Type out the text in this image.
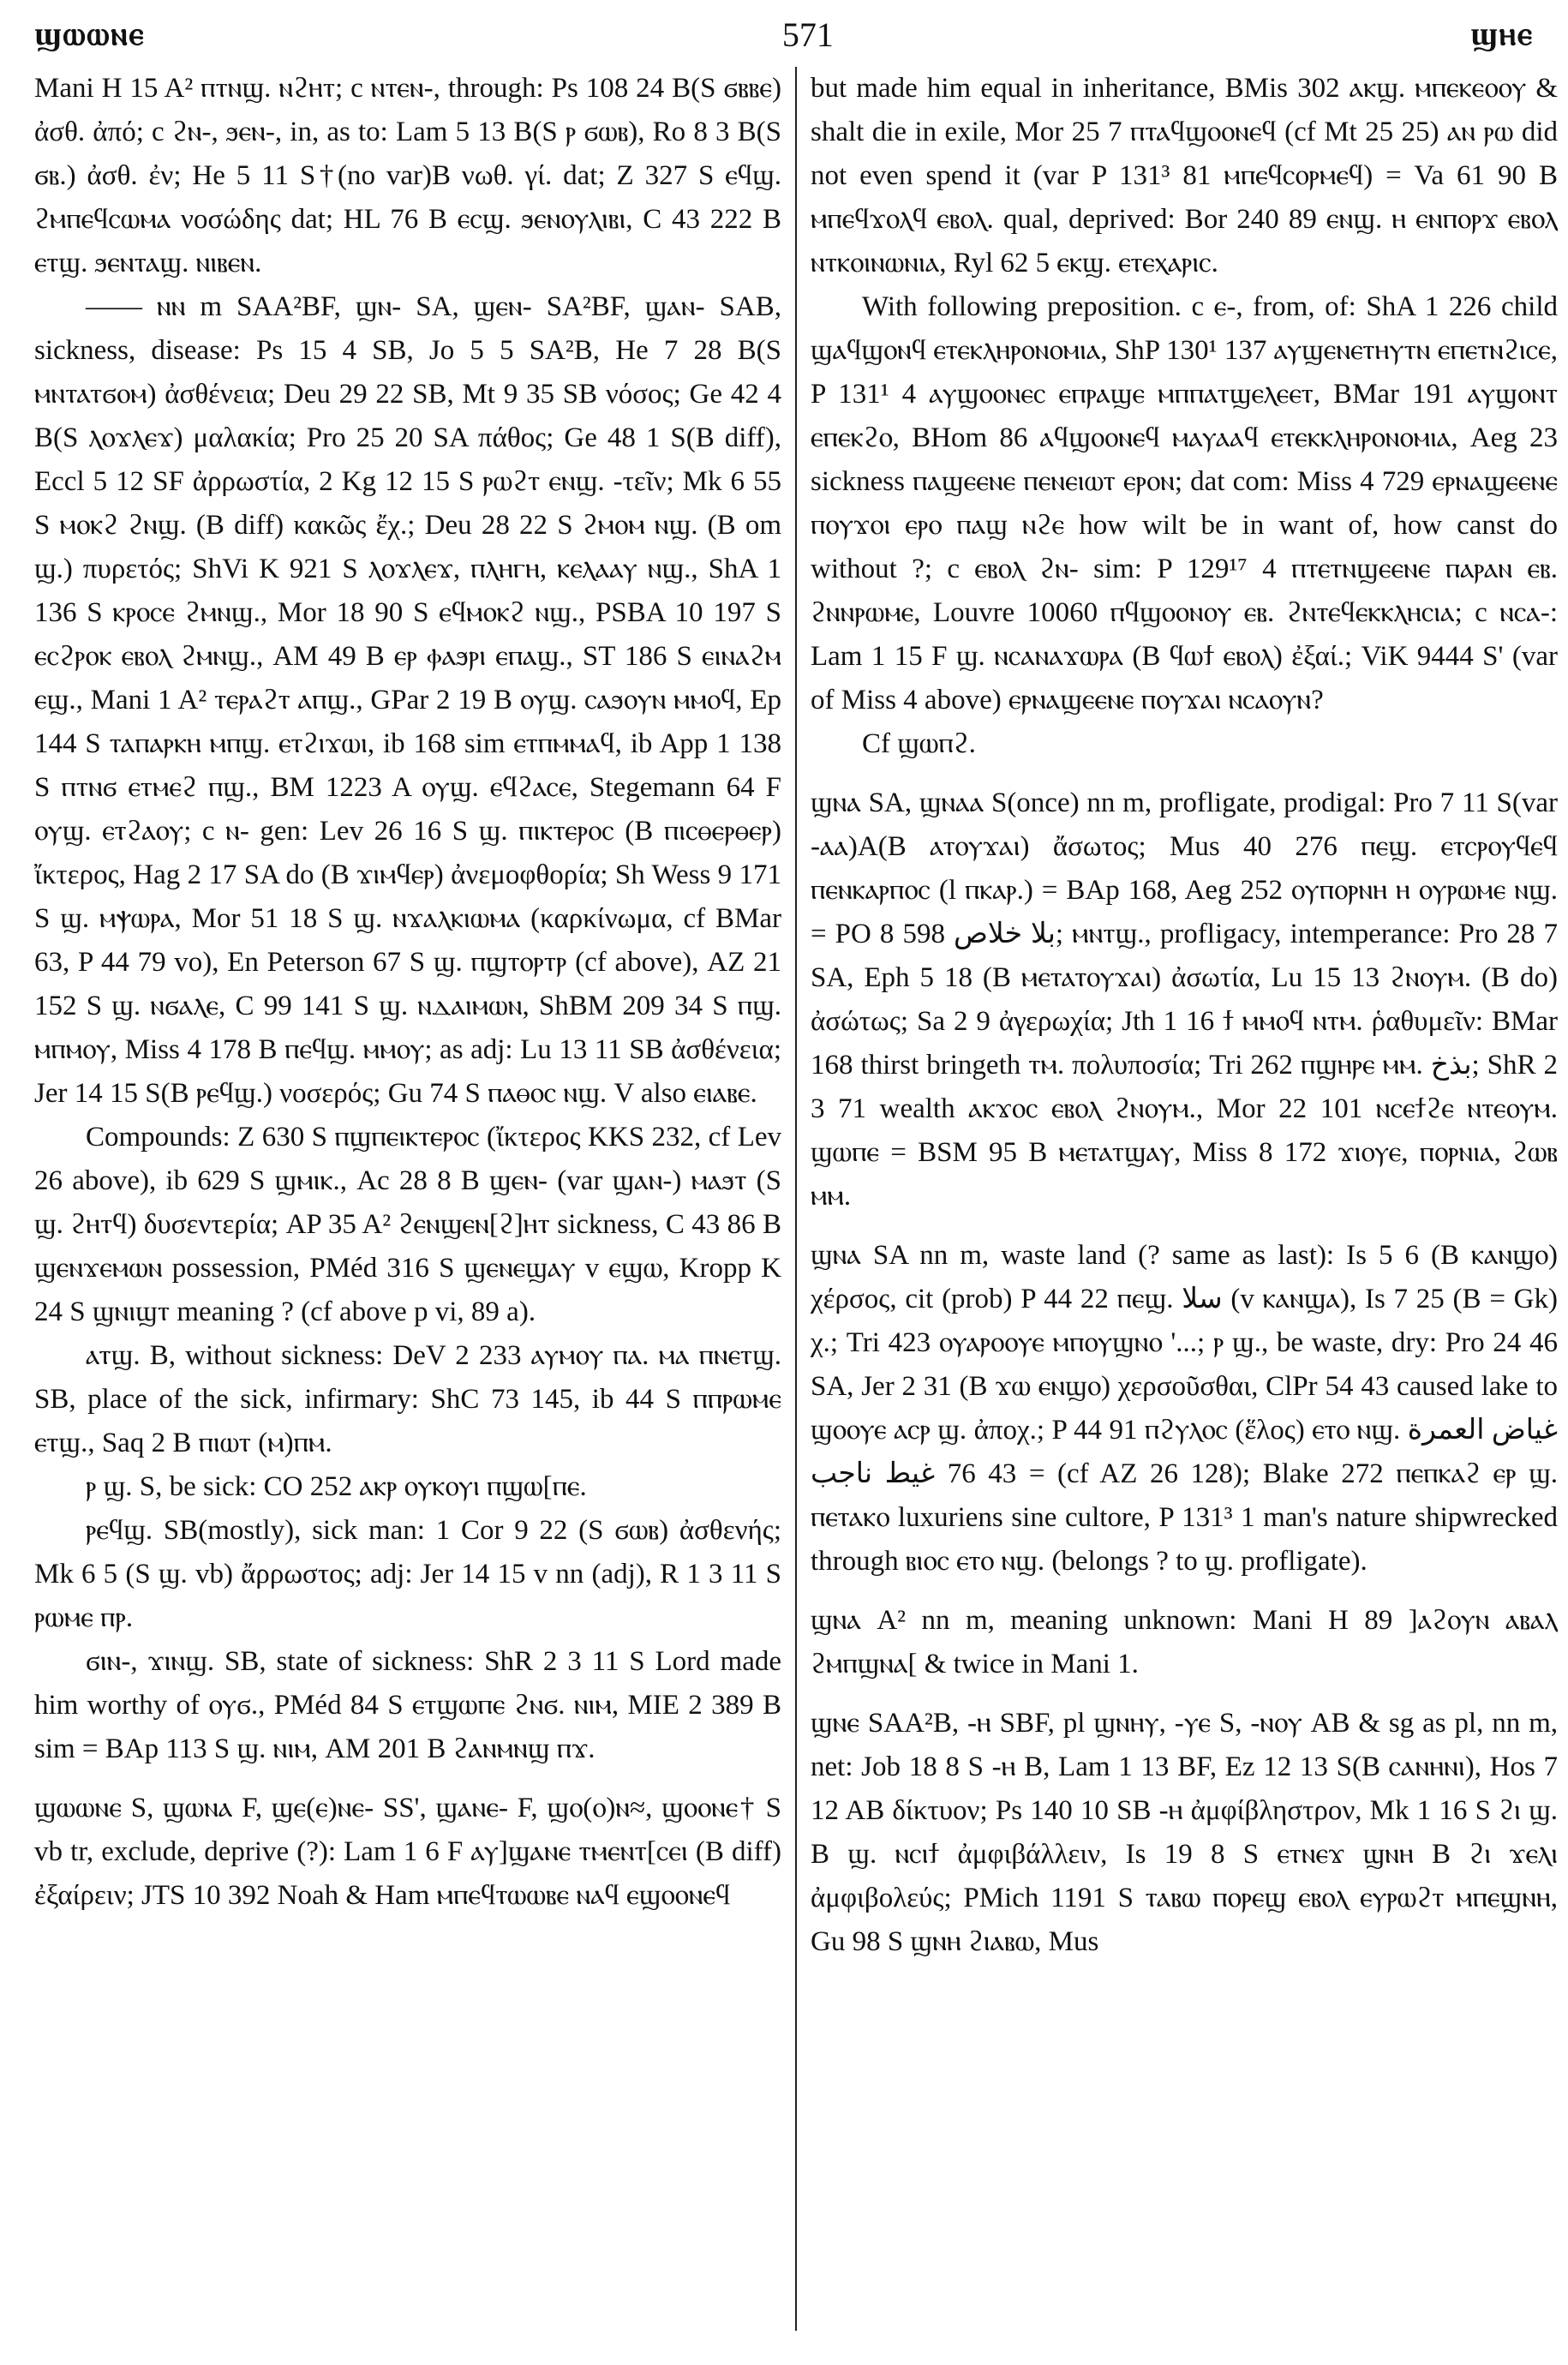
ϣⲱⲱⲛⲉ	571	ϣⲏⲉ

Mani H 15 A² ⲡⲧⲛϣ. ⲛϩⲏⲧ; c ⲛⲧⲉⲛ-, through: Ps 108 24 B(S ϭⲃⲃⲉ) ἀσθ. ἀπό; c ϩⲛ-, ϧⲉⲛ-, in, as to: Lam 5 13 B(S ⲣ ϭⲱⲃ), Ro 8 3 B(S ϭⲃ.) ἀσθ. ἐν; He 5 11 S†(no var)B νωθ. γί. dat; Z 327 S ⲉϥϣ. ϩⲙⲡⲉϥⲥⲱⲙⲁ νοσώδης dat; HL 76 B ⲉⲥϣ. ϧⲉⲛⲟⲩⲗⲓⲃⲓ, C 43 222 B ⲉⲧϣ. ϧⲉⲛⲧⲁϣ. ⲛⲓⲃⲉⲛ.

—— ⲛⲛ m SAA²BF, ϣⲛ- SA, ϣⲉⲛ- SA²BF, ϣⲁⲛ- SAB, sickness, disease: Ps 15 4 SB, Jo 5 5 SA²B, He 7 28 B(S ⲙⲛⲧⲁⲧϭⲟⲙ) ἀσθένεια; Deu 29 22 SB, Mt 9 35 SB νόσος; Ge 42 4 B(S ⲗⲟϫⲗⲉϫ) μαλακία; Pro 25 20 SA πάθος; Ge 48 1 S(B diff), Eccl 5 12 SF ἀρρωστία, 2 Kg 12 15 S ⲣⲱϩⲧ ⲉⲛϣ. -τεῖν; Mk 6 55 S ⲙⲟⲕϩ ϩⲛϣ. (B diff) κακῶς ἔχ.; Deu 28 22 S ϩⲙⲟⲙ ⲛϣ. (B om ϣ.) πυρετός; ShVi K 921 S ⲗⲟϫⲗⲉϫ, ⲡⲗⲏⲅⲏ, ⲕⲉⲗⲁⲁⲩ ⲛϣ., ShA 1 136 S ⲕⲣⲟⲥⲉ ϩⲙⲛϣ., Mor 18 90 S ⲉϥⲙⲟⲕϩ ⲛϣ., PSBA 10 197 S ⲉⲥϩⲣⲟⲕ ⲉⲃⲟⲗ ϩⲙⲛϣ., AM 49 B ⲉⲣ ⲫⲁϧⲣⲓ ⲉⲡⲁϣ., ST 186 S ⲉⲓⲛⲁϩⲙ ⲉϣ., Mani 1 A² ⲧⲉⲣⲁϩⲧ ⲁⲡϣ., GPar 2 19 B ⲟⲩϣ. ⲥⲁϧⲟⲩⲛ ⲙⲙⲟϥ, Ep 144 S ⲧⲁⲡⲁⲣⲕⲏ ⲙⲡϣ. ⲉⲧϩⲓϫⲱⲓ, ib 168 sim ⲉⲧⲡⲙⲙⲁϥ, ib App 1 138 S ⲡⲧⲛϭ ⲉⲧⲙⲉϩ ⲡϣ., BM 1223 A ⲟⲩϣ. ⲉϥϩⲁⲥⲉ, Stegemann 64 F ⲟⲩϣ. ⲉⲧϩⲁⲟⲩ; c ⲛ- gen: Lev 26 16 S ϣ. ⲡⲓⲕⲧⲉⲣⲟⲥ (B ⲡⲓⲥⲑⲉⲣⲑⲉⲣ) ἴκτερος, Hag 2 17 SA do (B ϫⲓⲙϥⲉⲣ) ἀνεμοφθορία; Sh Wess 9 171 S ϣ. ⲙⲯⲱⲣⲁ, Mor 51 18 S ϣ. ⲛϫⲁⲗⲕⲓⲱⲙⲁ (καρκίνωμα, cf BMar 63, P 44 79 vo), En Peterson 67 S ϣ. ⲡϣⲧⲟⲣⲧⲣ (cf above), AZ 21 152 S ϣ. ⲛϭⲁⲗⲉ, C 99 141 S ϣ. ⲛⲇⲁⲓⲙⲱⲛ, ShBM 209 34 S ⲡϣ. ⲙⲡⲙⲟⲩ, Miss 4 178 B ⲡⲉϥϣ. ⲙⲙⲟⲩ; as adj: Lu 13 11 SB ἀσθένεια; Jer 14 15 S(B ⲣⲉϥϣ.) νοσερός; Gu 74 S ⲡⲁⲑⲟⲥ ⲛϣ. V also ⲉⲓⲁⲃⲉ.

Compounds: Z 630 S ⲡϣⲡⲉⲓⲕⲧⲉⲣⲟⲥ (ἴκτερος KKS 232, cf Lev 26 above), ib 629 S ϣⲙⲓⲕ., Ac 28 8 B ϣⲉⲛ- (var ϣⲁⲛ-) ⲙⲁϧⲧ (S ϣ. ϩⲏⲧϥ) δυσεντερία; AP 35 A² ϩⲉⲛϣⲉⲛ[ϩ]ⲏⲧ sickness, C 43 86 B ϣⲉⲛϫⲉⲙⲱⲛ possession, PMéd 316 S ϣⲉⲛⲉϣⲁⲩ v ⲉϣⲱ, Kropp K 24 S ϣⲛⲓϣⲧ meaning ? (cf above p vi, 89 a).

ⲁⲧϣ. B, without sickness: DeV 2 233 ⲁⲩⲙⲟⲩ ⲡⲁ. ⲙⲁ ⲡⲛⲉⲧϣ. SB, place of the sick, infirmary: ShC 73 145, ib 44 S ⲡⲡⲣⲱⲙⲉ ⲉⲧϣ., Saq 2 B ⲡⲓⲱⲧ (ⲙ)ⲡⲙ.

ⲣ ϣ. S, be sick: CO 252 ⲁⲕⲣ ⲟⲩⲕⲟⲩⲓ ⲡϣⲱ[ⲡⲉ.

ⲣⲉϥϣ. SB(mostly), sick man: 1 Cor 9 22 (S ϭⲱⲃ) ἀσθενής; Mk 6 5 (S ϣ. vb) ἄρρωστος; adj: Jer 14 15 v nn (adj), R 1 3 11 S ⲣⲱⲙⲉ ⲡⲣ.

ϭⲓⲛ-, ϫⲓⲛϣ. SB, state of sickness: ShR 2 3 11 S Lord made him worthy of ⲟⲩϭ., PMéd 84 S ⲉⲧϣⲱⲡⲉ ϩⲛϭ. ⲛⲓⲙ, MIE 2 389 B sim = BAp 113 S ϣ. ⲛⲓⲙ, AM 201 B ϩⲁⲛⲙⲛϣ ⲡϫ.

ϣⲱⲱⲛⲉ S, ϣⲱⲛⲁ F, ϣⲉ(ⲉ)ⲛⲉ- SS', ϣⲁⲛⲉ- F, ϣⲟ(ⲟ)ⲛ≈, ϣⲟⲟⲛⲉ† S vb tr, exclude, deprive (?): Lam 1 6 F ⲁⲩ]ϣⲁⲛⲉ ⲧⲙⲉⲛⲧ[ⲥⲉⲓ (B diff) ἐξαίρειν; JTS 10 392 Noah & Ham ⲙⲡⲉϥⲧⲱⲱⲃⲉ ⲛⲁϥ ⲉϣⲟⲟⲛⲉϥ

but made him equal in inheritance, BMis 302 ⲁⲕϣ. ⲙⲡⲉⲕⲉⲟⲟⲩ & shalt die in exile, Mor 25 7 ⲡⲧⲁϥϣⲟⲟⲛⲉϥ (cf Mt 25 25) ⲁⲛ ⲣⲱ did not even spend it (var P 131³ 81 ⲙⲡⲉϥⲥⲟⲣⲙⲉϥ) = Va 61 90 B ⲙⲡⲉϥϫⲟⲗϥ ⲉⲃⲟⲗ. qual, deprived: Bor 240 89 ⲉⲛϣ. ⲏ ⲉⲛⲡⲟⲣϫ ⲉⲃⲟⲗ ⲛⲧⲕⲟⲓⲛⲱⲛⲓⲁ, Ryl 62 5 ⲉⲕϣ. ⲉⲧⲉⲭⲁⲣⲓⲥ.

With following preposition. c ⲉ-, from, of: ShA 1 226 child ϣⲁϥϣⲟⲛϥ ⲉⲧⲉⲕⲗⲏⲣⲟⲛⲟⲙⲓⲁ, ShP 130¹ 137 ⲁⲩϣⲉⲛⲉⲧⲏⲩⲧⲛ ⲉⲡⲉⲧⲛϩⲓⲥⲉ, P 131¹ 4 ⲁⲩϣⲟⲟⲛⲉⲥ ⲉⲡⲣⲁϣⲉ ⲙⲡⲡⲁⲧϣⲉⲗⲉⲉⲧ, BMar 191 ⲁⲩϣⲟⲛⲧ ⲉⲡⲉⲕϩⲟ, BHom 86 ⲁϥϣⲟⲟⲛⲉϥ ⲙⲁⲩⲁⲁϥ ⲉⲧⲉⲕⲕⲗⲏⲣⲟⲛⲟⲙⲓⲁ, Aeg 23 sickness ⲡⲁϣⲉⲉⲛⲉ ⲡⲉⲛⲉⲓⲱⲧ ⲉⲣⲟⲛ; dat com: Miss 4 729 ⲉⲣⲛⲁϣⲉⲉⲛⲉ ⲡⲟⲩϫⲟⲓ ⲉⲣⲟ ⲡⲁϣ ⲛϩⲉ how wilt be in want of, how canst do without ?; c ⲉⲃⲟⲗ ϩⲛ- sim: P 129¹⁷ 4 ⲡⲧⲉⲧⲛϣⲉⲉⲛⲉ ⲡⲁⲣⲁⲛ ⲉⲃ. ϩⲛⲛⲣⲱⲙⲉ, Louvre 10060 ⲡϥϣⲟⲟⲛⲟⲩ ⲉⲃ. ϩⲛⲧⲉϥⲉⲕⲕⲗⲏⲥⲓⲁ; c ⲛⲥⲁ-: Lam 1 15 F ϣ. ⲛⲥⲁⲛⲁϫⲱⲣⲁ (B ϥⲱϯ ⲉⲃⲟⲗ) ἐξαί.; ViK 9444 S' (var of Miss 4 above) ⲉⲣⲛⲁϣⲉⲉⲛⲉ ⲡⲟⲩϫⲁⲓ ⲛⲥⲁⲟⲩⲛ?

Cf ϣⲱⲡϩ.

ϣⲛⲁ SA, ϣⲛⲁⲁ S(once) nn m, profligate, prodigal: Pro 7 11 S(var -ⲁⲁ)A(B ⲁⲧⲟⲩϫⲁⲓ) ἄσωτος; Mus 40 276 ⲡⲉϣ. ⲉⲧⲥⲣⲟⲩϥⲉϥ ⲡⲉⲛⲕⲁⲣⲡⲟⲥ (l ⲡⲕⲁⲣ.) = BAp 168, Aeg 252 ⲟⲩⲡⲟⲣⲛⲏ ⲏ ⲟⲩⲣⲱⲙⲉ ⲛϣ. = PO 8 598 بلا خلاص; ⲙⲛⲧϣ., profligacy, intemperance: Pro 28 7 SA, Eph 5 18 (B ⲙⲉⲧⲁⲧⲟⲩϫⲁⲓ) ἀσωτία, Lu 15 13 ϩⲛⲟⲩⲙ. (B do) ἀσώτως; Sa 2 9 ἀγερωχία; Jth 1 16 ϯ ⲙⲙⲟϥ ⲛⲧⲙ. ῥαθυμεῖν: BMar 168 thirst bringeth ⲧⲙ. πολυποσία; Tri 262 ⲡϣⲏⲣⲉ ⲙⲙ. بذخ; ShR 2 3 71 wealth ⲁⲕϫⲟⲥ ⲉⲃⲟⲗ ϩⲛⲟⲩⲙ., Mor 22 101 ⲛⲥⲉϯϩⲉ ⲛⲧⲉⲟⲩⲙ. ϣⲱⲡⲉ = BSM 95 B ⲙⲉⲧⲁⲧϣⲁⲩ, Miss 8 172 ϫⲓⲟⲩⲉ, ⲡⲟⲣⲛⲓⲁ, ϩⲱⲃ ⲙⲙ.

ϣⲛⲁ SA nn m, waste land (? same as last): Is 5 6 (B ⲕⲁⲛϣⲟ) χέρσος, cit (prob) P 44 22 ⲡⲉϣ. سلا (v ⲕⲁⲛϣⲁ), Is 7 25 (B = Gk) χ.; Tri 423 ⲟⲩⲁⲣⲟⲟⲩⲉ ⲙⲡⲟⲩϣⲛⲟ '...; ⲣ ϣ., be waste, dry: Pro 24 46 SA, Jer 2 31 (B ϫⲱ ⲉⲛϣⲟ) χερσοῦσθαι, ClPr 54 43 caused lake to ϣⲟⲟⲩⲉ ⲁⲥⲣ ϣ. ἀποχ.; P 44 91 ⲡϩⲩⲗⲟⲥ (ἕλος) ⲉⲧⲟ ⲛϣ. غياض العمرة = 43 76 غيط ناجب (cf AZ 26 128); Blake 272 ⲡⲉⲡⲕⲁϩ ⲉⲣ ϣ. ⲡⲉⲧⲁⲕⲟ luxuriens sine cultore, P 131³ 1 man's nature shipwrecked through ⲃⲓⲟⲥ ⲉⲧⲟ ⲛϣ. (belongs ? to ϣ. profligate).

ϣⲛⲁ A² nn m, meaning unknown: Mani H 89 ]ⲁϩⲟⲩⲛ ⲁⲃⲁⲗ ϩⲙⲡϣⲛⲁ[ & twice in Mani 1.

ϣⲛⲉ SAA²B, -ⲏ SBF, pl ϣⲛⲏⲩ, -ⲩⲉ S, -ⲛⲟⲩ AB & sg as pl, nn m, net: Job 18 8 S -ⲏ B, Lam 1 13 BF, Ez 12 13 S(B ⲥⲁⲛⲏⲛⲓ), Hos 7 12 AB δίκτυον; Ps 140 10 SB -ⲏ ἀμφίβληστρον, Mk 1 16 S ϩⲓ ϣ. B ϣ. ⲛⲥⲓϯ ἀμφιβάλλειν, Is 19 8 S ⲉⲧⲛⲉϫ ϣⲛⲏ B ϩⲓ ϫⲉⲗⲓ ἀμφιβολεύς; PMich 1191 S ⲧⲁⲃⲱ ⲡⲟⲣⲉϣ ⲉⲃⲟⲗ ⲉⲩⲣⲱϩⲧ ⲙⲡⲉϣⲛⲏ, Gu 98 S ϣⲛⲏ ϩⲓⲁⲃⲱ, Mus
